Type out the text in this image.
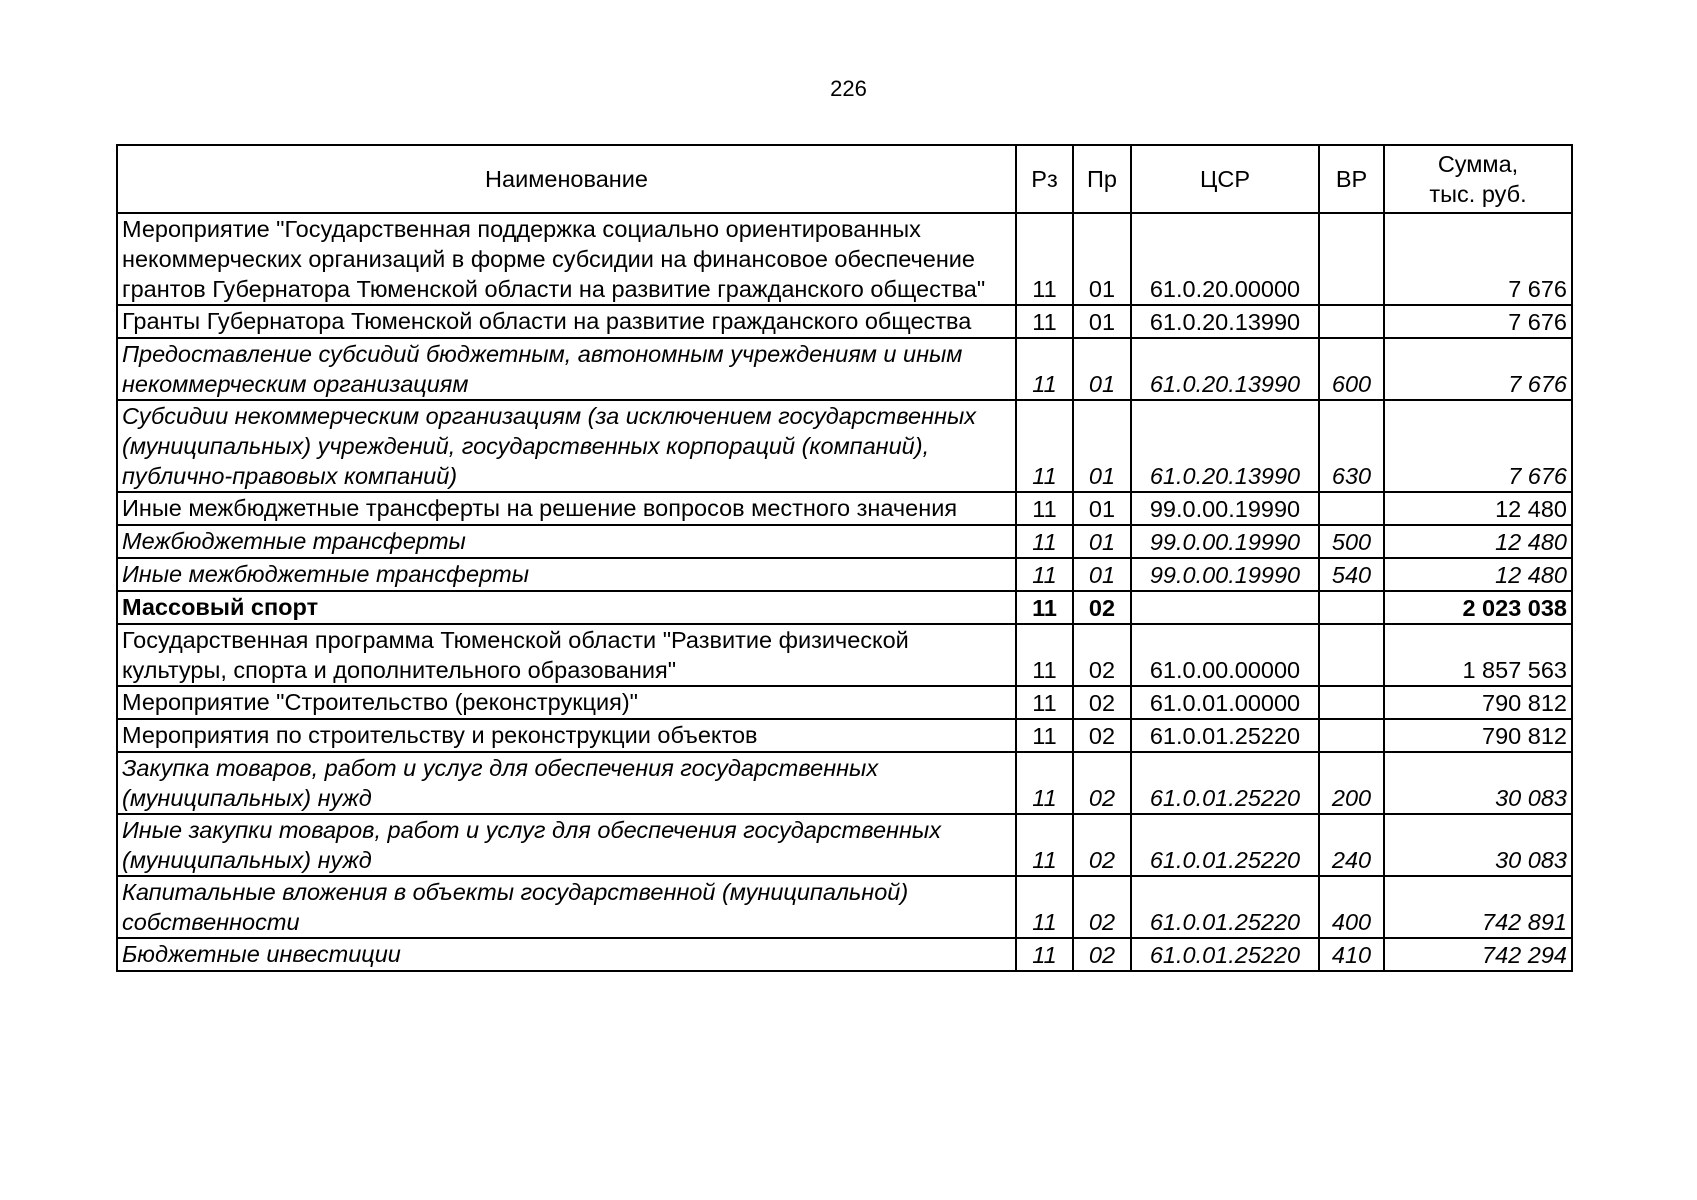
226
Наименование	Рз	Пр	ЦСР	ВР	Сумма,
тыс. руб.

Мероприятие "Государственная поддержка социально ориентированных некоммерческих организаций в форме субсидии на финансовое обеспечение грантов Губернатора Тюменской области на развитие гражданского общества"	11	01	61.0.20.00000		7 676
Гранты Губернатора Тюменской области на развитие гражданского общества	11	01	61.0.20.13990		7 676
Предоставление субсидий бюджетным, автономным учреждениям и иным некоммерческим организациям	11	01	61.0.20.13990	600	7 676
Субсидии некоммерческим организациям (за исключением государственных (муниципальных) учреждений, государственных корпораций (компаний), публично-правовых компаний)	11	01	61.0.20.13990	630	7 676
Иные межбюджетные трансферты на решение вопросов местного значения	11	01	99.0.00.19990		12 480
Межбюджетные трансферты	11	01	99.0.00.19990	500	12 480
Иные межбюджетные трансферты	11	01	99.0.00.19990	540	12 480
Массовый спорт	11	02			2 023 038
Государственная программа Тюменской области "Развитие физической культуры, спорта и дополнительного образования"	11	02	61.0.00.00000		1 857 563
Мероприятие "Строительство (реконструкция)"	11	02	61.0.01.00000		790 812
Мероприятия по строительству и реконструкции объектов	11	02	61.0.01.25220		790 812
Закупка товаров, работ и услуг для обеспечения государственных (муниципальных) нужд	11	02	61.0.01.25220	200	30 083
Иные закупки товаров, работ и услуг для обеспечения государственных (муниципальных) нужд	11	02	61.0.01.25220	240	30 083
Капитальные вложения в объекты государственной (муниципальной) собственности	11	02	61.0.01.25220	400	742 891
Бюджетные инвестиции	11	02	61.0.01.25220	410	742 294
